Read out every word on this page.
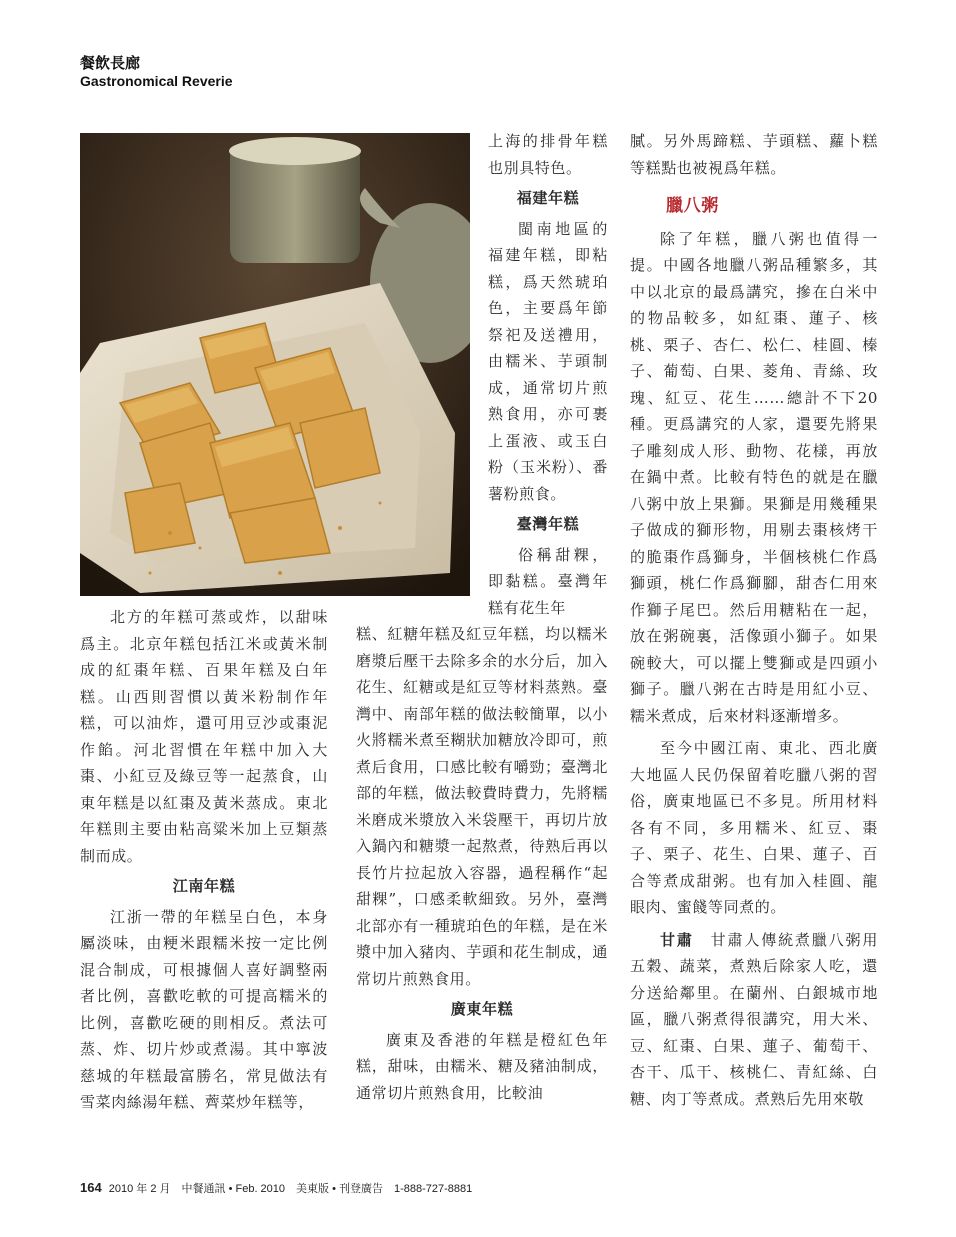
餐飲長廊
Gastronomical Reverie

北方的年糕可蒸或炸，以甜味爲主。北京年糕包括江米或黃米制成的紅棗年糕、百果年糕及白年糕。山西則習慣以黃米粉制作年糕，可以油炸，還可用豆沙或棗泥作餡。河北習慣在年糕中加入大棗、小紅豆及綠豆等一起蒸食，山東年糕是以紅棗及黃米蒸成。東北年糕則主要由粘高粱米加上豆類蒸制而成。

江南年糕

江浙一帶的年糕呈白色，本身屬淡味，由粳米跟糯米按一定比例混合制成，可根據個人喜好調整兩者比例，喜歡吃軟的可提高糯米的比例，喜歡吃硬的則相反。煮法可蒸、炸、切片炒或煮湯。其中寧波慈城的年糕最富勝名，常見做法有雪菜肉絲湯年糕、薺菜炒年糕等，

上海的排骨年糕也別具特色。

福建年糕

閩南地區的福建年糕，即粘糕，爲天然琥珀色，主要爲年節祭祀及送禮用，由糯米、芋頭制成，通常切片煎熟食用，亦可裹上蛋液、或玉白粉（玉米粉）、番薯粉煎食。

臺灣年糕

俗稱甜粿，即黏糕。臺灣年糕有花生年

糕、紅糖年糕及紅豆年糕，均以糯米磨漿后壓干去除多余的水分后，加入花生、紅糖或是紅豆等材料蒸熟。臺灣中、南部年糕的做法較簡單，以小火將糯米煮至糊狀加糖放冷即可，煎煮后食用，口感比較有嚼勁；臺灣北部的年糕，做法較費時費力，先將糯米磨成米漿放入米袋壓干，再切片放入鍋內和糖漿一起熬煮，待熟后再以長竹片拉起放入容器，過程稱作“起甜粿”，口感柔軟細致。另外，臺灣北部亦有一種琥珀色的年糕，是在米漿中加入豬肉、芋頭和花生制成，通常切片煎熟食用。

廣東年糕

廣東及香港的年糕是橙紅色年糕，甜味，由糯米、糖及豬油制成，通常切片煎熟食用，比較油

膩。另外馬蹄糕、芋頭糕、蘿卜糕等糕點也被視爲年糕。

臘八粥

除了年糕，臘八粥也值得一提。中國各地臘八粥品種繁多，其中以北京的最爲講究，摻在白米中的物品較多，如紅棗、蓮子、核桃、栗子、杏仁、松仁、桂圓、榛子、葡萄、白果、菱角、青絲、玫瑰、紅豆、花生……總計不下20種。更爲講究的人家，還要先將果子雕刻成人形、動物、花樣，再放在鍋中煮。比較有特色的就是在臘八粥中放上果獅。果獅是用幾種果子做成的獅形物，用剔去棗核烤干的脆棗作爲獅身，半個核桃仁作爲獅頭，桃仁作爲獅腳，甜杏仁用來作獅子尾巴。然后用糖粘在一起，放在粥碗裏，活像頭小獅子。如果碗較大，可以擺上雙獅或是四頭小獅子。臘八粥在古時是用紅小豆、糯米煮成，后來材料逐漸增多。

至今中國江南、東北、西北廣大地區人民仍保留着吃臘八粥的習俗，廣東地區已不多見。所用材料各有不同，多用糯米、紅豆、棗子、栗子、花生、白果、蓮子、百合等煮成甜粥。也有加入桂圓、龍眼肉、蜜餞等同煮的。

甘肅　 甘肅人傳統煮臘八粥用五穀、蔬菜，煮熟后除家人吃，還分送給鄰里。在蘭州、白銀城市地區，臘八粥煮得很講究，用大米、豆、紅棗、白果、蓮子、葡萄干、杏干、瓜干、核桃仁、青紅絲、白糖、肉丁等煮成。煮熟后先用來敬

164 2010 年 2 月　中餐通訊 • Feb. 2010　美東版 • 刊登廣告　1-888-727-8881
